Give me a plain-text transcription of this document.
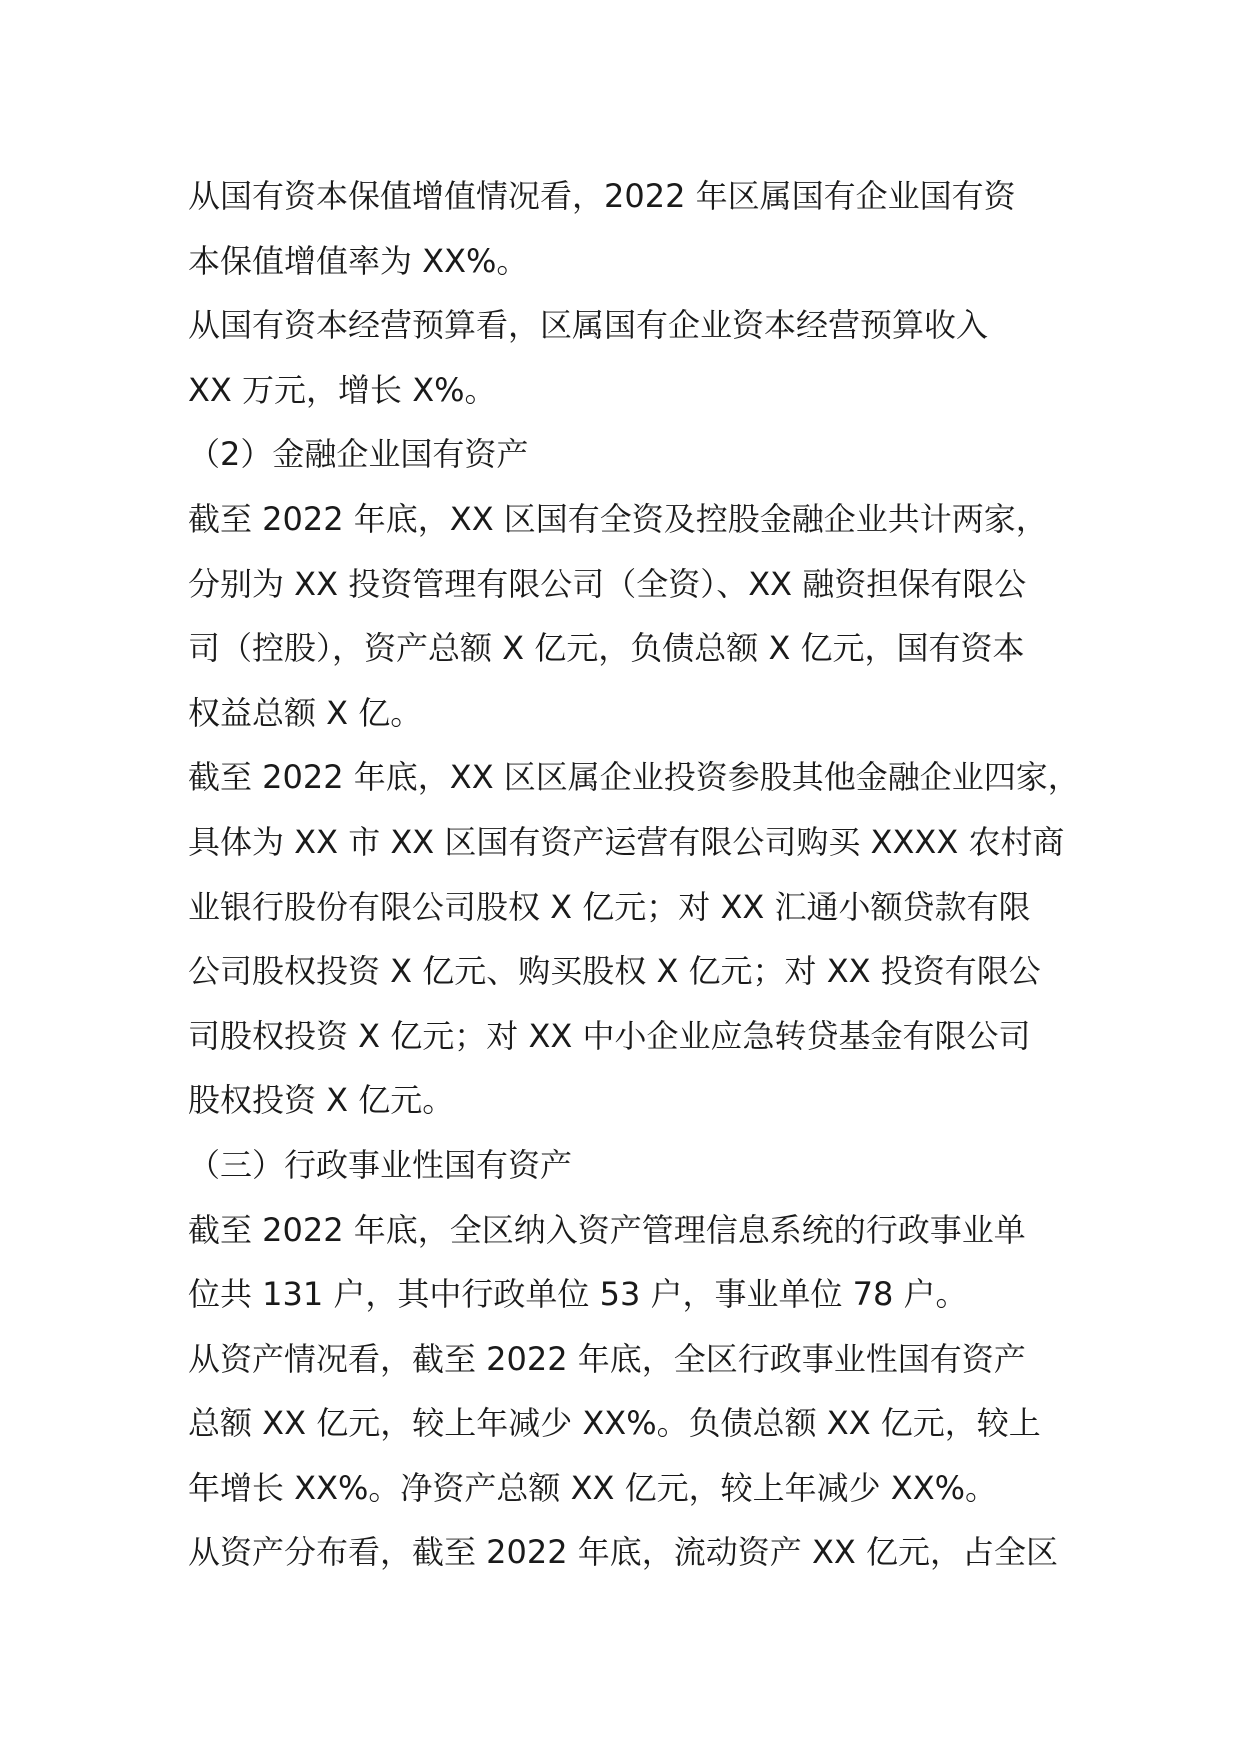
从国有资本保值增值情况看，2022 年区属国有企业国有资
本保值增值率为 XX%。
从国有资本经营预算看，区属国有企业资本经营预算收入
XX 万元，增长 X%。
（2）金融企业国有资产
截至 2022 年底，XX 区国有全资及控股金融企业共计两家，
分别为 XX 投资管理有限公司（全资）、XX 融资担保有限公
司（控股），资产总额 X 亿元，负债总额 X 亿元，国有资本
权益总额 X 亿。
截至 2022 年底，XX 区区属企业投资参股其他金融企业四家，
具体为 XX 市 XX 区国有资产运营有限公司购买 XXXX 农村商
业银行股份有限公司股权 X 亿元；对 XX 汇通小额贷款有限
公司股权投资 X 亿元、购买股权 X 亿元；对 XX 投资有限公
司股权投资 X 亿元；对 XX 中小企业应急转贷基金有限公司
股权投资 X 亿元。
（三）行政事业性国有资产
截至 2022 年底，全区纳入资产管理信息系统的行政事业单
位共 131 户，其中行政单位 53 户，事业单位 78 户。
从资产情况看，截至 2022 年底，全区行政事业性国有资产
总额 XX 亿元，较上年减少 XX%。负债总额 XX 亿元，较上
年增长 XX%。净资产总额 XX 亿元，较上年减少 XX%。
从资产分布看，截至 2022 年底，流动资产 XX 亿元，占全区
